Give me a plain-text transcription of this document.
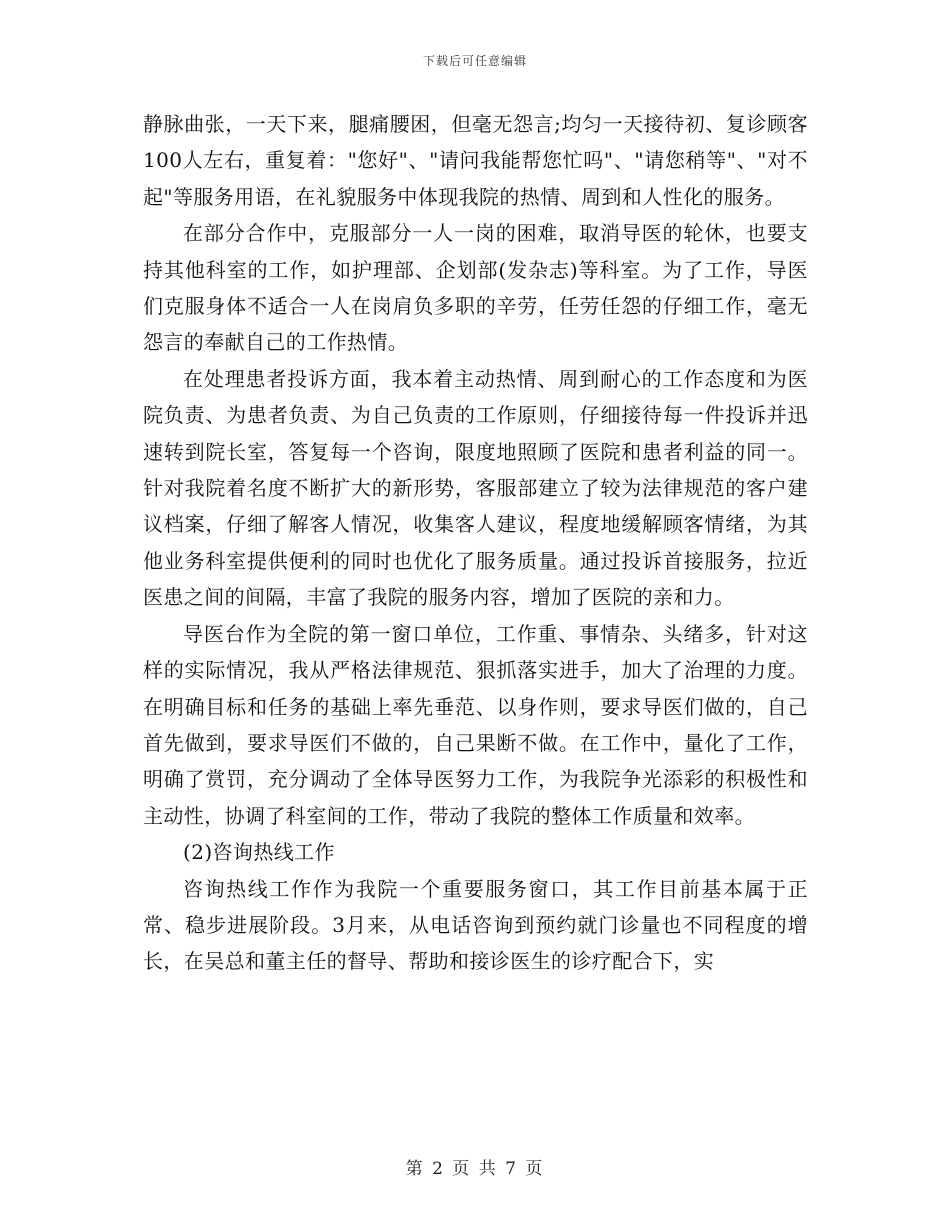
下载后可任意编辑

静脉曲张，一天下来，腿痛腰困，但毫无怨言;均匀一天接待初、复诊顾客100人左右，重复着："您好"、"请问我能帮您忙吗"、"请您稍等"、"对不起"等服务用语，在礼貌服务中体现我院的热情、周到和人性化的服务。

在部分合作中，克服部分一人一岗的困难，取消导医的轮休，也要支持其他科室的工作，如护理部、企划部(发杂志)等科室。为了工作，导医们克服身体不适合一人在岗肩负多职的辛劳，任劳任怨的仔细工作，毫无怨言的奉献自己的工作热情。

在处理患者投诉方面，我本着主动热情、周到耐心的工作态度和为医院负责、为患者负责、为自己负责的工作原则，仔细接待每一件投诉并迅速转到院长室，答复每一个咨询，限度地照顾了医院和患者利益的同一。针对我院着名度不断扩大的新形势，客服部建立了较为法律规范的客户建议档案，仔细了解客人情况，收集客人建议，程度地缓解顾客情绪，为其他业务科室提供便利的同时也优化了服务质量。通过投诉首接服务，拉近医患之间的间隔，丰富了我院的服务内容，增加了医院的亲和力。

导医台作为全院的第一窗口单位，工作重、事情杂、头绪多，针对这样的实际情况，我从严格法律规范、狠抓落实进手，加大了治理的力度。在明确目标和任务的基础上率先垂范、以身作则，要求导医们做的，自己首先做到，要求导医们不做的，自己果断不做。在工作中，量化了工作，明确了赏罚，充分调动了全体导医努力工作，为我院争光添彩的积极性和主动性，协调了科室间的工作，带动了我院的整体工作质量和效率。

(2)咨询热线工作

咨询热线工作作为我院一个重要服务窗口，其工作目前基本属于正常、稳步进展阶段。3月来，从电话咨询到预约就门诊量也不同程度的增长，在吴总和董主任的督导、帮助和接诊医生的诊疗配合下，实

第 2 页 共 7 页
